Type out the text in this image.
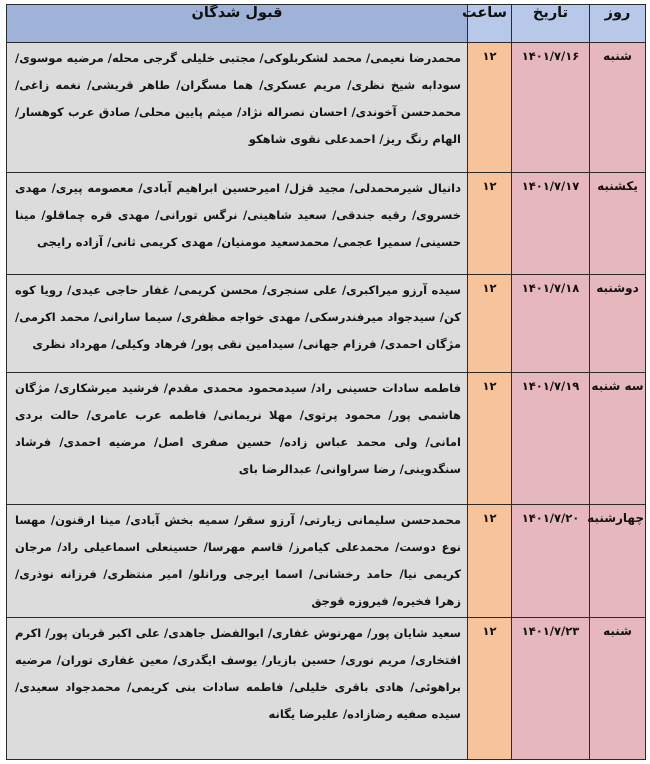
روز	تاریخ	ساعت	قبول شدگان
شنبه	۱۴۰۱/۷/۱۶	۱۲	محمدرضا نعیمی/ محمد لشکربلوکی/ مجتبی خلیلی گرجی محله/ مرضیه موسوی/ سودابه شیخ نظری/ مریم عسکری/ هما مسگران/ طاهر قریشی/ نغمه زاغی/ محمدحسن آخوندی/ احسان نصراله نژاد/ میثم پایین محلی/ صادق عرب کوهسار/ الهام رنگ ریز/ احمدعلی نقوی شاهکو
یکشنبه	۱۴۰۱/۷/۱۷	۱۲	دانیال شیرمحمدلی/ مجید قزل/ امیرحسین ابراهیم آبادی/ معصومه پیری/ مهدی خسروی/ رقیه جندقی/ سعید شاهینی/ نرگس تورانی/ مهدی قره چماقلو/ مینا حسینی/ سمیرا عجمی/ محمدسعید مومنیان/ مهدی کریمی ثانی/ آزاده رایجی
دوشنبه	۱۴۰۱/۷/۱۸	۱۲	سیده آرزو میراکبری/ علی سنجری/ محسن کریمی/ غفار حاجی عیدی/ رویا کوه کن/ سیدجواد میرفندرسکی/ مهدی خواجه مظفری/ سیما سارانی/ محمد اکرمی/ مژگان احمدی/ فرزام جهانی/ سیدامین نقی پور/ فرهاد وکیلی/ مهرداد نظری
سه شنبه	۱۴۰۱/۷/۱۹	۱۲	فاطمه سادات حسینی راد/ سیدمحمود محمدی مقدم/ فرشید میرشکاری/ مژگان هاشمی پور/ محمود پرتوی/ مهلا نریمانی/ فاطمه عرب عامری/ حالت بردی امانی/ ولی محمد عباس زاده/ حسین صفری اصل/ مرضیه احمدی/ فرشاد سنگدوینی/ رضا سراوانی/ عبدالرضا بای
چهارشنبه	۱۴۰۱/۷/۲۰	۱۲	محمدحسن سلیمانی زیارتی/ آرزو سقر/ سمیه بخش آبادی/ مینا ارقنون/ مهسا نوع دوست/ محمدعلی کیامرز/ قاسم مهرسا/ حسینعلی اسماعیلی راد/ مرجان کریمی نیا/ حامد رخشانی/ اسما ایرجی ورانلو/ امیر منتظری/ فرزانه نوذری/ زهرا فخیره/ فیروزه قوجق
شنبه	۱۴۰۱/۷/۲۳	۱۲	سعید شایان پور/ مهرنوش غفاری/ ابوالفضل جاهدی/ علی اکبر قربان پور/ اکرم افتخاری/ مریم نوری/ حسین بازیار/ یوسف ایگدری/ معین غفاری توران/ مرضیه براهوئی/ هادی باقری خلیلی/ فاطمه سادات بنی کریمی/ محمدجواد سعیدی/ سیده صفیه رضازاده/ علیرضا یگانه
